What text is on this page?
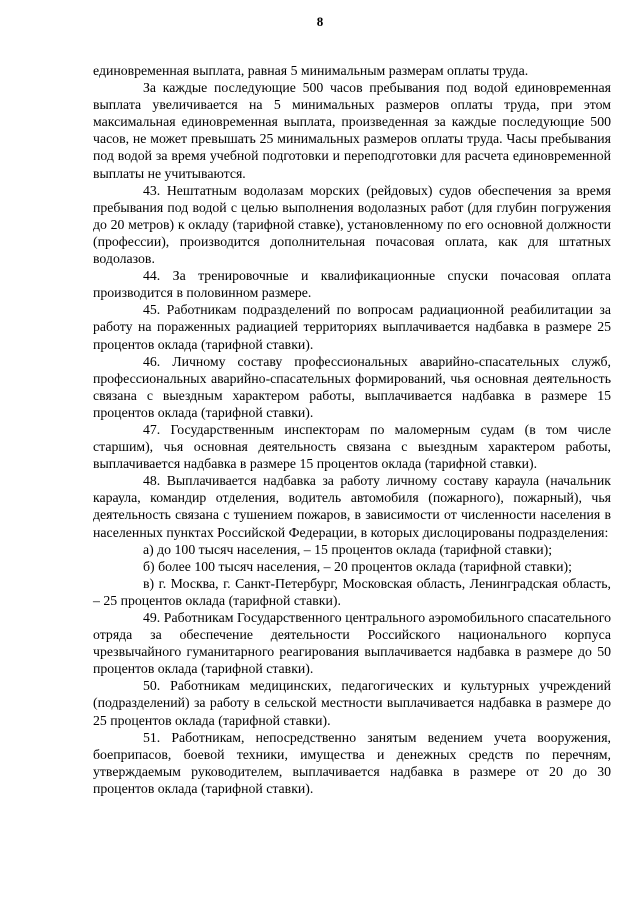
8

единовременная выплата, равная 5 минимальным размерам оплаты труда.

За каждые последующие 500 часов пребывания под водой единовременная выплата увеличивается на 5 минимальных размеров оплаты труда, при этом максимальная единовременная выплата, произведенная за каждые последующие 500 часов, не может превышать 25 минимальных размеров оплаты труда. Часы пребывания под водой за время учебной подготовки и переподготовки для расчета единовременной выплаты не учитываются.

43. Нештатным водолазам морских (рейдовых) судов обеспечения за время пребывания под водой с целью выполнения водолазных работ (для глубин погружения до 20 метров) к окладу (тарифной ставке), установленному по его основной должности (профессии), производится дополнительная почасовая оплата, как для штатных водолазов.

44. За тренировочные и квалификационные спуски почасовая оплата производится в половинном размере.

45. Работникам подразделений по вопросам радиационной реабилитации за работу на пораженных радиацией территориях выплачивается надбавка в размере 25 процентов оклада (тарифной ставки).

46. Личному составу профессиональных аварийно-спасательных служб, профессиональных аварийно-спасательных формирований, чья основная деятельность связана с выездным характером работы, выплачивается надбавка в размере 15 процентов оклада (тарифной ставки).

47. Государственным инспекторам по маломерным судам (в том числе старшим), чья основная деятельность связана с выездным характером работы, выплачивается надбавка в размере 15 процентов оклада (тарифной ставки).

48. Выплачивается надбавка за работу личному составу караула (начальник караула, командир отделения, водитель автомобиля (пожарного), пожарный), чья деятельность связана с тушением пожаров, в зависимости от численности населения в населенных пунктах Российской Федерации, в которых дислоцированы подразделения:

а) до 100 тысяч населения, – 15 процентов оклада (тарифной ставки);

б) более 100 тысяч населения, – 20 процентов оклада (тарифной ставки);

в) г. Москва, г. Санкт-Петербург, Московская область, Ленинградская область, – 25 процентов оклада (тарифной ставки).

49. Работникам Государственного центрального аэромобильного спасательного отряда за обеспечение деятельности Российского национального корпуса чрезвычайного гуманитарного реагирования выплачивается надбавка в размере до 50 процентов оклада (тарифной ставки).

50. Работникам медицинских, педагогических и культурных учреждений (подразделений) за работу в сельской местности выплачивается надбавка в размере до 25 процентов оклада (тарифной ставки).

51. Работникам, непосредственно занятым ведением учета вооружения, боеприпасов, боевой техники, имущества и денежных средств по перечням, утверждаемым руководителем, выплачивается надбавка в размере от 20 до 30 процентов оклада (тарифной ставки).
